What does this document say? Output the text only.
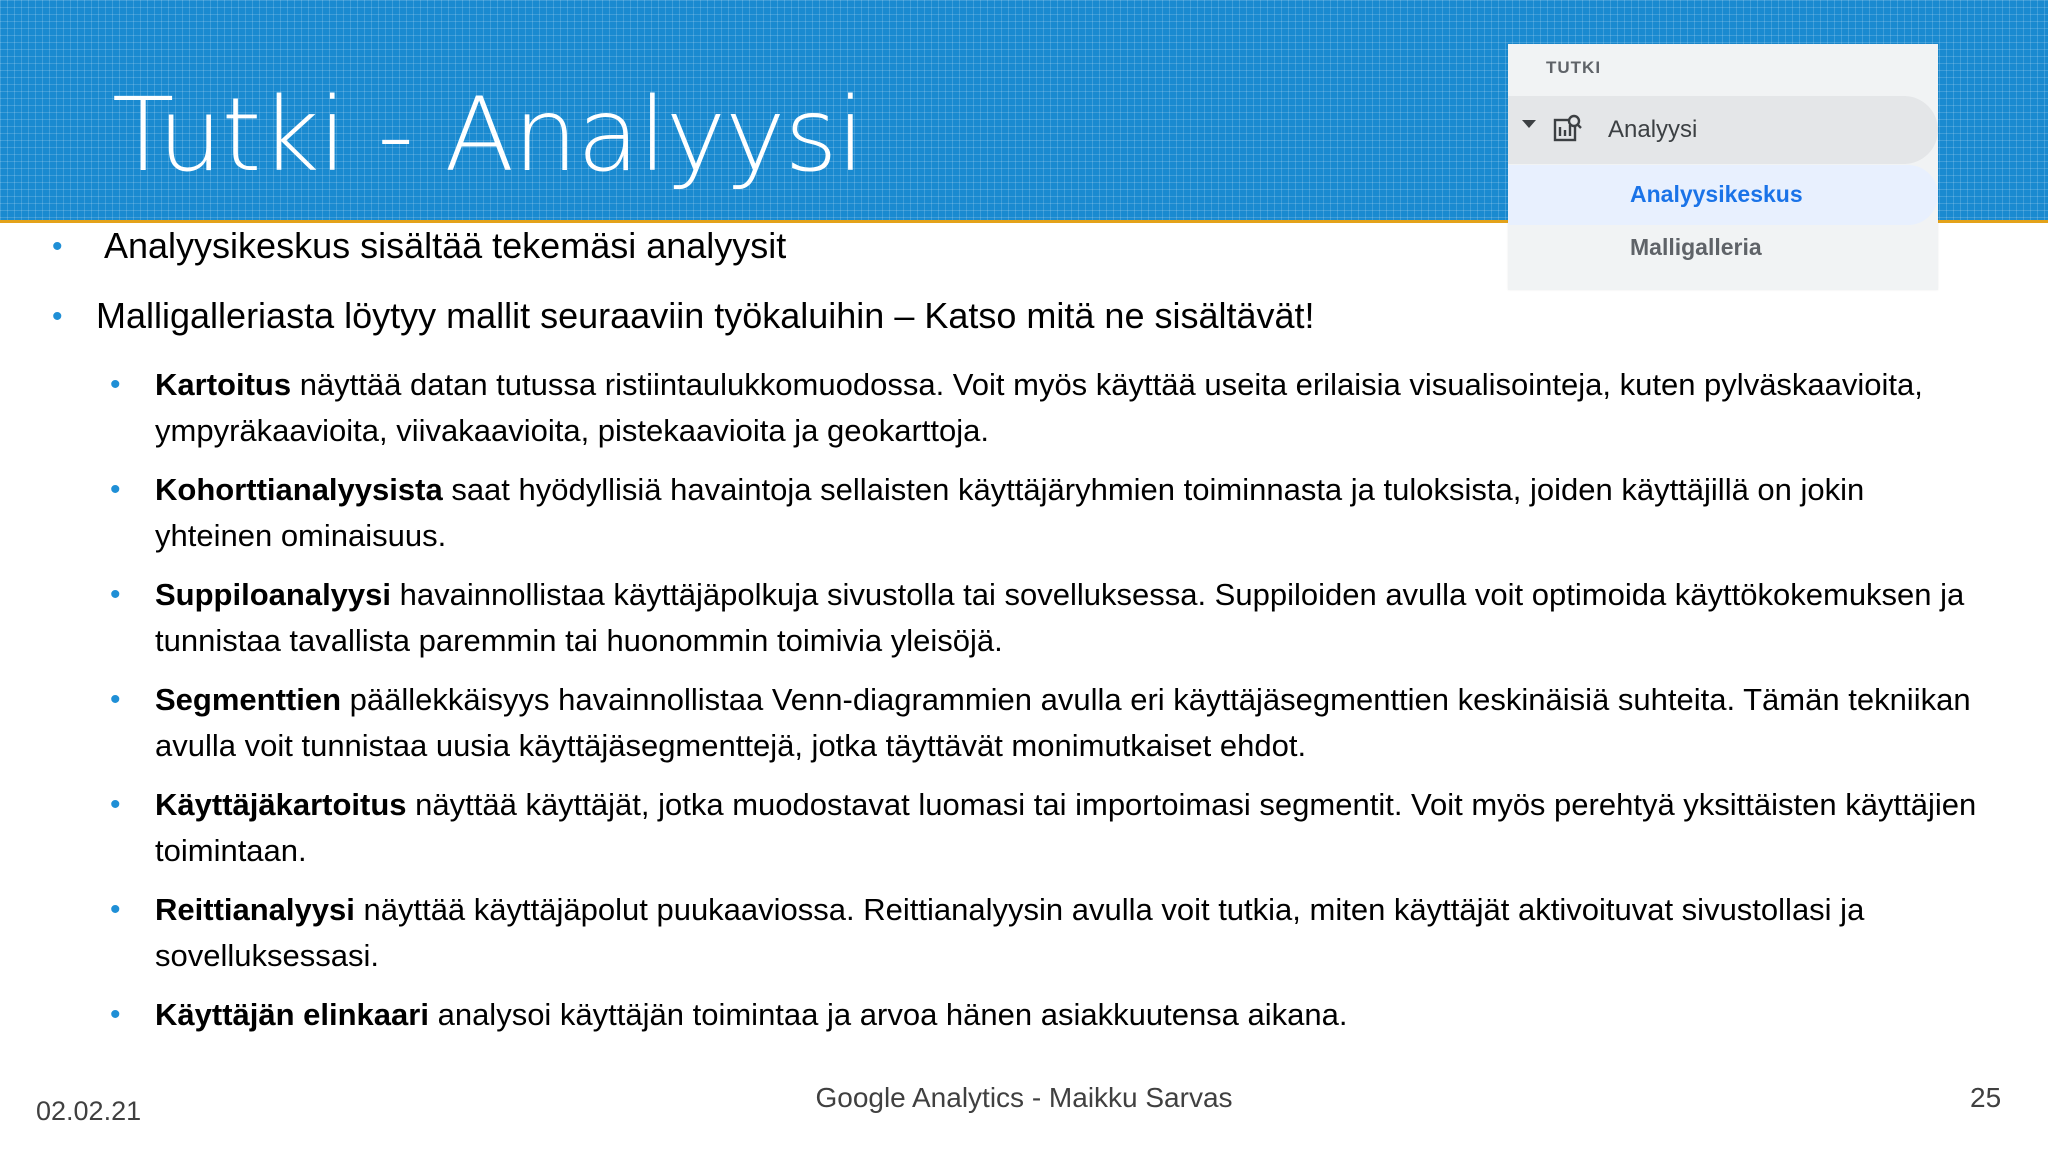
Tutki - Analyysi
TUTKI
Analyysi
Analyysikeskus
Malligalleria
• Analyysikeskus sisältää tekemäsi analyysit
• Malligalleriasta löytyy mallit seuraaviin työkaluihin – Katso mitä ne sisältävät!
• Kartoitus näyttää datan tutussa ristiintaulukkomuodossa. Voit myös käyttää useita erilaisia visualisointeja, kuten pylväskaavioita, ympyräkaavioita, viivakaavioita, pistekaavioita ja geokarttoja.
• Kohorttianalyysista saat hyödyllisiä havaintoja sellaisten käyttäjäryhmien toiminnasta ja tuloksista, joiden käyttäjillä on jokin yhteinen ominaisuus.
• Suppiloanalyysi havainnollistaa käyttäjäpolkuja sivustolla tai sovelluksessa. Suppiloiden avulla voit optimoida käyttökokemuksen ja tunnistaa tavallista paremmin tai huonommin toimivia yleisöjä.
• Segmenttien päällekkäisyys havainnollistaa Venn-diagrammien avulla eri käyttäjäsegmenttien keskinäisiä suhteita. Tämän tekniikan avulla voit tunnistaa uusia käyttäjäsegmenttejä, jotka täyttävät monimutkaiset ehdot.
• Käyttäjäkartoitus näyttää käyttäjät, jotka muodostavat luomasi tai importoimasi segmentit. Voit myös perehtyä yksittäisten käyttäjien toimintaan.
• Reittianalyysi näyttää käyttäjäpolut puukaaviossa. Reittianalyysin avulla voit tutkia, miten käyttäjät aktivoituvat sivustollasi ja sovelluksessasi.
• Käyttäjän elinkaari analysoi käyttäjän toimintaa ja arvoa hänen asiakkuutensa aikana.
02.02.21	Google Analytics - Maikku Sarvas	25
